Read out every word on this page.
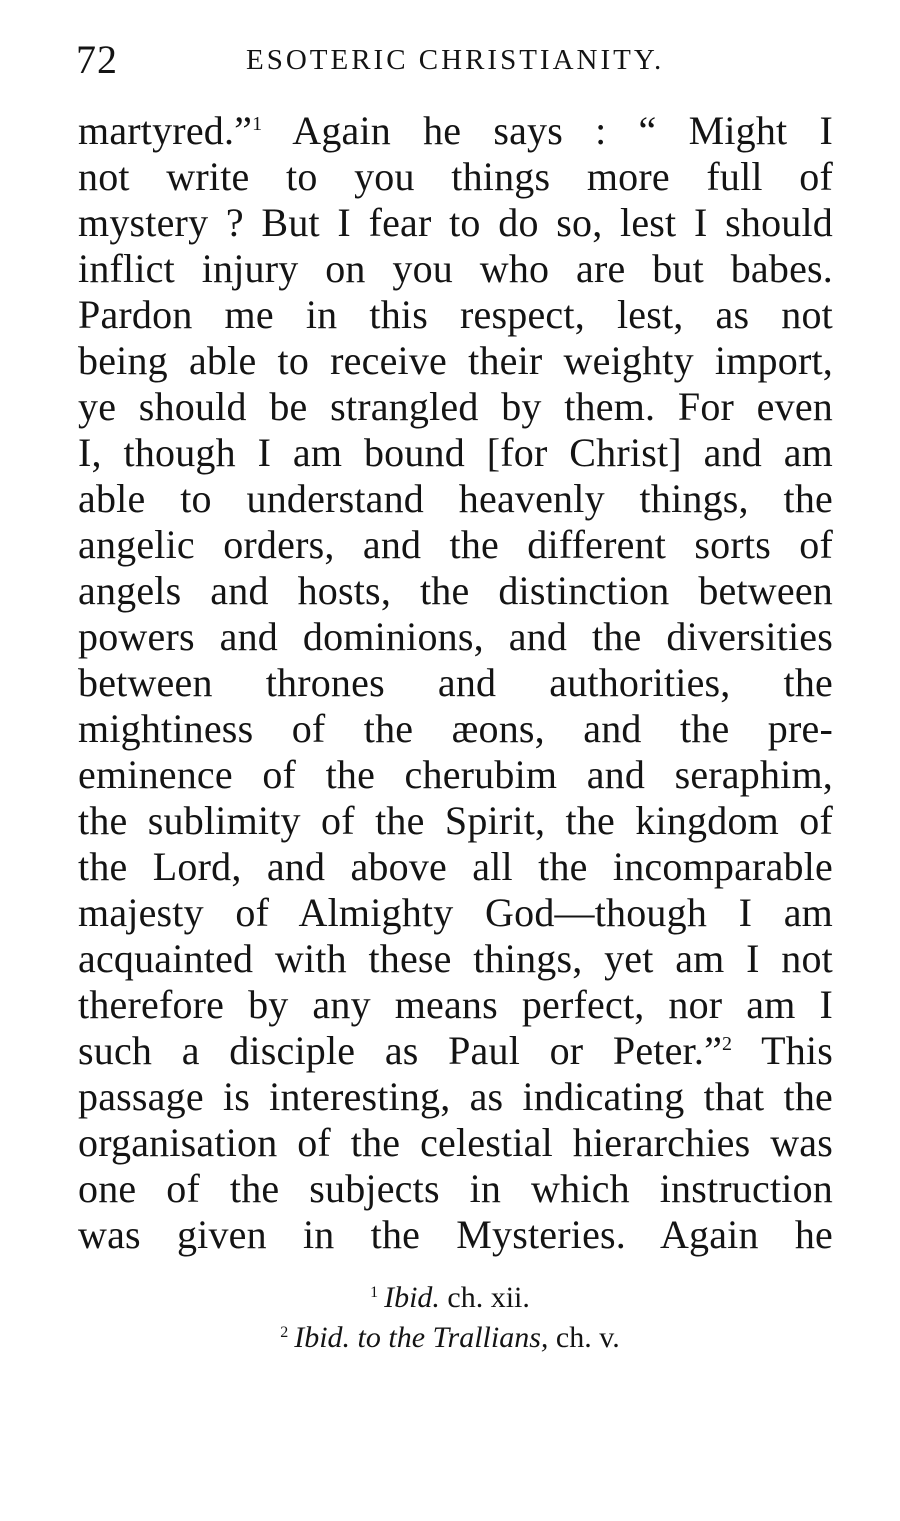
72	ESOTERIC CHRISTIANITY.
martyred.”$^1$ Again he says : “ Might I
not write to you things more full of
mystery ? But I fear to do so, lest I should
inflict injury on you who are but babes.
Pardon me in this respect, lest, as not
being able to receive their weighty import,
ye should be strangled by them. For even
I, though I am bound [for Christ] and am
able to understand heavenly things, the
angelic orders, and the different sorts of
angels and hosts, the distinction between
powers and dominions, and the diversities
between thrones and authorities, the
mightiness of the æons, and the pre-
eminence of the cherubim and seraphim,
the sublimity of the Spirit, the kingdom of
the Lord, and above all the incomparable
majesty of Almighty God—though I am
acquainted with these things, yet am I not
therefore by any means perfect, nor am I
such a disciple as Paul or Peter.”$^2$ This
passage is interesting, as indicating that the
organisation of the celestial hierarchies was
one of the subjects in which instruction
was given in the Mysteries. Again he
$^1$ Ibid. ch. xii.
$^2$ Ibid. to the Trallians, ch. v.
